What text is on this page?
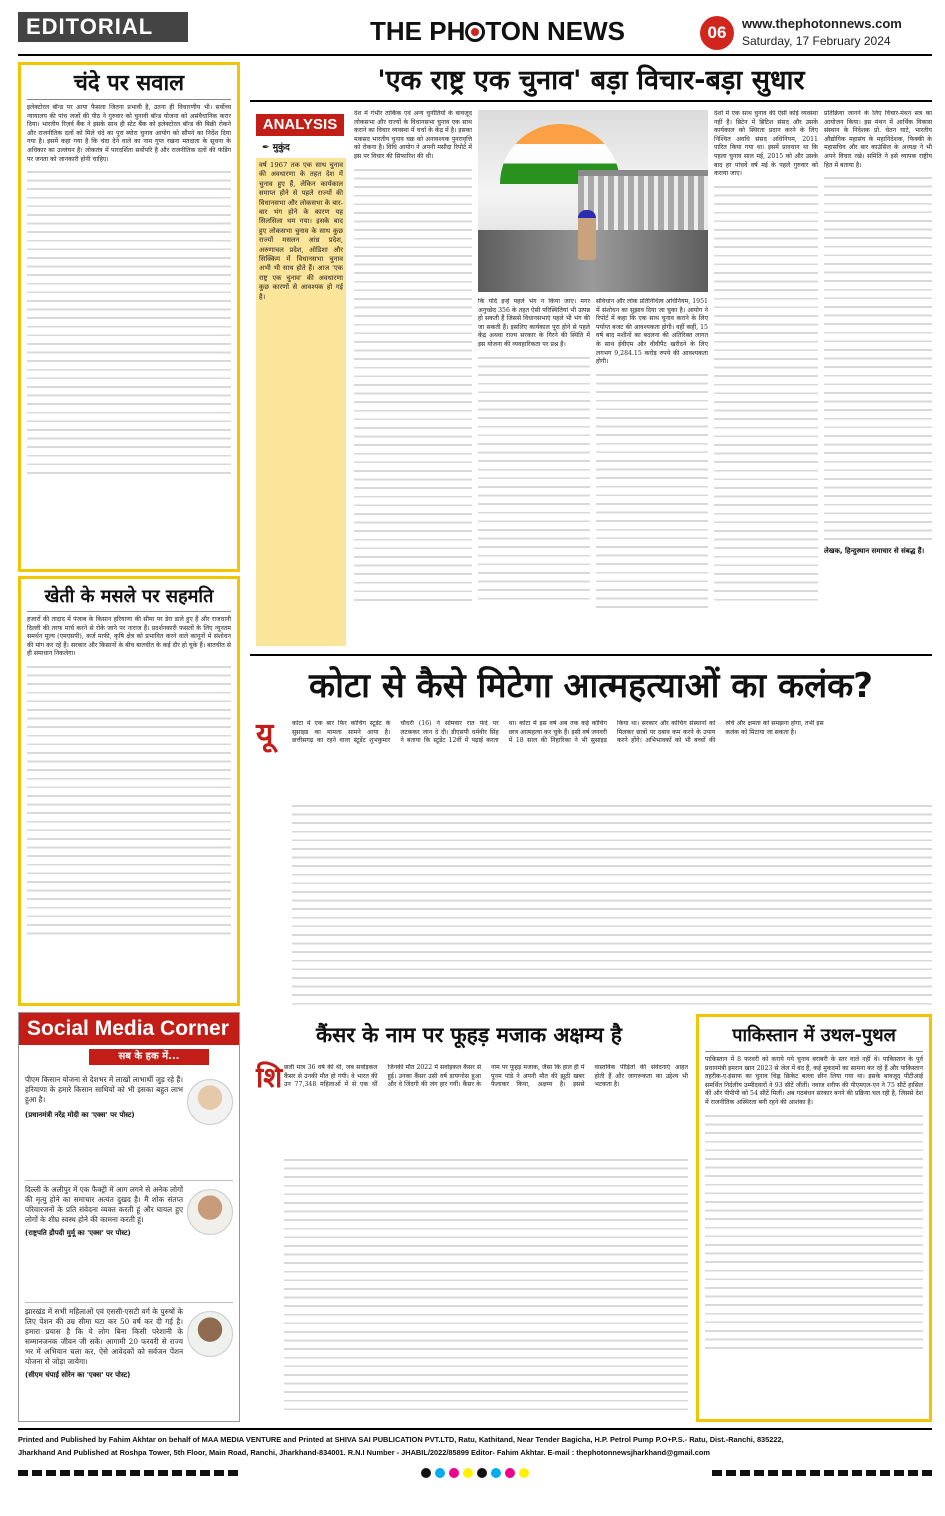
EDITORIAL	THE PH TON NEWS	06	www.thephotonnews.com
Saturday, 17 February 2024
चंदे पर सवाल
इलेक्टोरल बॉन्ड पर आया फैसला जितना प्रभावी है, उतना ही विचारणीय भी। सर्वोच्च न्यायालय की पांच जजों की पीठ ने गुरुवार को चुनावी बॉन्ड योजना को असंवैधानिक करार दिया। भारतीय रिज़र्व बैंक ने इसके साथ ही स्टेट बैंक को इलेक्टोरल बॉन्ड की बिक्री रोकने और राजनीतिक दलों को मिले चंदे का पूरा ब्योरा चुनाव आयोग को सौंपने का निर्देश दिया गया है। इसमें कहा गया है कि चंदा देने वाले का नाम गुप्त रखना मतदाता के सूचना के अधिकार का उल्लंघन है। लोकतंत्र में पारदर्शिता सर्वोपरि है और राजनीतिक दलों की फंडिंग पर जनता को जानकारी होनी चाहिए।
खेती के मसले पर सहमति
हजारों की तादाद में पंजाब के किसान हरियाणा की सीमा पर डेरा डाले हुए हैं और राजधानी दिल्ली की तरफ मार्च करने से रोके जाने पर नाराज हैं। प्रदर्शनकारी फसलों के लिए न्यूनतम समर्थन मूल्य (एमएसपी), कर्ज माफी, कृषि क्षेत्र को प्रभावित करने वाले कानूनों में संशोधन की मांग कर रहे हैं। सरकार और किसानों के बीच बातचीत के कई दौर हो चुके हैं। बातचीत से ही समाधान निकलेगा।
Social Media Corner
सब के हक में...
पीएम किसान योजना से देशभर में लाखों लाभार्थी जुड़ रहे हैं। हरियाणा के हमारे किसान साथियों को भी इसका बहुत लाभ हुआ है।
(प्रधानमंत्री नरेंद्र मोदी का 'एक्स' पर पोस्ट)
दिल्ली के अलीपुर में एक फैक्ट्री में आग लगने से अनेक लोगों की मृत्यु होने का समाचार अत्यंत दुखद है। मैं शोक संतप्त परिवारजनों के प्रति संवेदना व्यक्त करती हूं और घायल हुए लोगों के शीघ्र स्वस्थ होने की कामना करती हूं।
(राष्ट्रपति द्रौपदी मुर्मू का 'एक्स' पर पोस्ट)
झारखंड में सभी महिलाओं एवं एससी-एसटी वर्ग के पुरुषों के लिए पेंशन की उम्र सीमा घटा कर 50 वर्ष कर दी गई है। हमारा प्रयास है कि ये लोग बिना किसी परेशानी के सम्मानजनक जीवन जी सकें। आगामी 20 फरवरी से राज्य भर में अभियान चला कर, ऐसे आवेदकों को सर्वजन पेंशन योजना से जोड़ा जायेगा।
(सीएम चंपाई सोरेन का 'एक्स' पर पोस्ट)
'एक राष्ट्र एक चुनाव' बड़ा विचार-बड़ा सुधार
ANALYSIS
✒ मुकुंद
वर्ष 1967 तक एक साथ चुनाव की अवधारणा के तहत देश में चुनाव हुए हैं, लेकिन कार्यकाल समाप्त होने से पहले राज्यों की विधानसभा और लोकसभा के बार-बार भंग होने के कारण यह सिलसिला थम गया। इसके बाद हुए लोकसभा चुनाव के साथ कुछ राज्यों मसलन आंध्र प्रदेश, अरुणाचल प्रदेश, ओडिशा और सिक्किम में विधानसभा चुनाव अभी भी साथ होते हैं। आज 'एक राष्ट्र एक चुनाव' की अवधारणा कुछ कारणों से आवश्यक हो गई है।
देश में गंभीर तार्किक एवं अन्य चुनौतियों के बावजूद लोकसभा और राज्यों के विधानसभा चुनाव एक साथ कराने का विचार व्यवस्था में चर्चा के केंद्र में है। इसका मकसद भारतीय चुनाव चक्र को अनावश्यक पुनरावृत्ति को रोकना है। विधि आयोग ने अपनी मसौदा रिपोर्ट में इस पर विचार की सिफारिश की थी।
कि यदि इन्हें पहले भंग न किया जाए। मगर अनुच्छेद 356 के तहत ऐसी परिस्थितियां भी उत्पन्न हो सकती हैं जिससे विधानसभाएं पहले भी भंग की जा सकती हैं। इसलिए कार्यकाल पूरा होने से पहले केंद्र अथवा राज्य सरकार के गिरने की स्थिति में इस योजना की व्यवहारिकता पर प्रश्न है।
संविधान और लोक प्रतिनिधित्व अधिनियम, 1951 में संशोधन का सुझाव दिया जा चुका है। आयोग ने रिपोर्ट में कहा कि एक साथ चुनाव कराने के लिए पर्याप्त बजट की आवश्यकता होगी। वहीं कहीं, 15 वर्ष बाद मशीनों का बदलना की अतिरिक्त लागत के साथ ईवीएम और वीवीपैट खरीदने के लिए लगभग 9,284.15 करोड़ रुपये की आवश्यकता होगी।
देशों में एक साथ चुनाव की ऐसी कोई व्यवस्था नहीं है। ब्रिटेन में ब्रिटिश संसद और उसके कार्यकाल को स्थिरता प्रदान करने के लिए निश्चित अवधि संसद अधिनियम, 2011 पारित किया गया था। इसमें प्रावधान था कि पहला चुनाव साल मई, 2015 को और उसके बाद हर पांचवें वर्ष मई के पहले गुरुवार को कराया जाए।
प्रतिक्रिया जानने के लिए विचार-मंथन सत्र का आयोजन किया। इस मंथन में आर्थिक विकास संस्थान के निदेशक प्रो. चेतन घाटे, भारतीय औद्योगिक महासंघ के महानिदेशक, फिक्की के महासचिव और बार काउंसिल के अध्यक्ष ने भी अपने विचार रखे। समिति ने इसे व्यापक राष्ट्रीय हित में बताया है।
लेखक, हिन्दुस्थान समाचार से संबद्ध हैं।
कोटा से कैसे मिटेगा आत्महत्याओं का कलंक?
यू	कोटा में एक बार फिर कोचिंग स्टूडेंट के सुसाइड का मामला सामने आया है। छत्तीसगढ़ का रहने वाला स्टूडेंट शुभकुमार चौधरी (16) ने सोमवार रात फंदे पर लटककर जान दे दी। डीएसपी धर्मवीर सिंह ने बताया कि स्टूडेंट 12वीं में पढ़ाई करता था। कोटा में इस वर्ष अब तक कई कोचिंग छात्र आत्महत्या कर चुके हैं। इसी वर्ष जनवरी में 18 साल की निहारिका ने भी सुसाइड किया था। सरकार और कोचिंग संस्थानों को मिलकर छात्रों पर दबाव कम करने के उपाय करने होंगे। अभिभावकों को भी बच्चों की रुचि और क्षमता को समझना होगा, तभी इस कलंक को मिटाया जा सकता है।
कैंसर के नाम पर फूहड़ मजाक अक्षम्य है
शि छली मात्र 36 वर्ष की थीं, जब सर्वाइकल कैंसर से उनकी मौत हो गयी। वे भारत की उन 77,348 महिलाओं में से एक थीं जिनकी मौत 2022 में सर्वाइकल कैंसर से हुई। उनका कैंसर उसी वर्ष डायग्नोस हुआ और वे जिंदगी की जंग हार गयीं। कैंसर के नाम पर फूहड़ मजाक, जैसा कि हाल ही में पूनम पांडे ने अपनी मौत की झूठी खबर फैलाकर किया, अक्षम्य है। इससे वास्तविक पीड़ितों की संवेदनाएं आहत होती हैं और जागरूकता का उद्देश्य भी भटकता है।
पाकिस्तान में उथल-पुथल
पाकिस्तान में 8 फरवरी को कराये गये चुनाव बराबरी के स्तर वाले नहीं थे। पाकिस्तान के पूर्व प्रधानमंत्री इमरान खान 2023 से जेल में बंद हैं, कई मुकदमों का सामना कर रहे हैं और पाकिस्तान तहरीक-ए-इंसाफ का चुनाव चिह्न क्रिकेट बल्ला छीन लिया गया था। इसके बावजूद पीटीआई समर्थित निर्दलीय उम्मीदवारों ने 93 सीटें जीतीं। नवाज शरीफ की पीएमएल-एन ने 75 सीटें हासिल कीं और पीपीपी को 54 सीटें मिलीं। अब गठबंधन सरकार बनने की प्रक्रिया चल रही है, जिससे देश में राजनीतिक अस्थिरता बनी रहने की आशंका है।
Printed and Published by Fahim Akhtar on behalf of MAA MEDIA VENTURE and Printed at SHIVA SAI PUBLICATION PVT.LTD, Ratu, Kathitand, Near Tender Bagicha, H.P. Petrol Pump P.O+P.S.- Ratu, Dist.-Ranchi, 835222,
Jharkhand And Published at Roshpa Tower, 5th Floor, Main Road, Ranchi, Jharkhand-834001. R.N.I Number - JHABIL/2022/85899 Editor- Fahim Akhtar. E-mail : thephotonnewsjharkhand@gmail.com
